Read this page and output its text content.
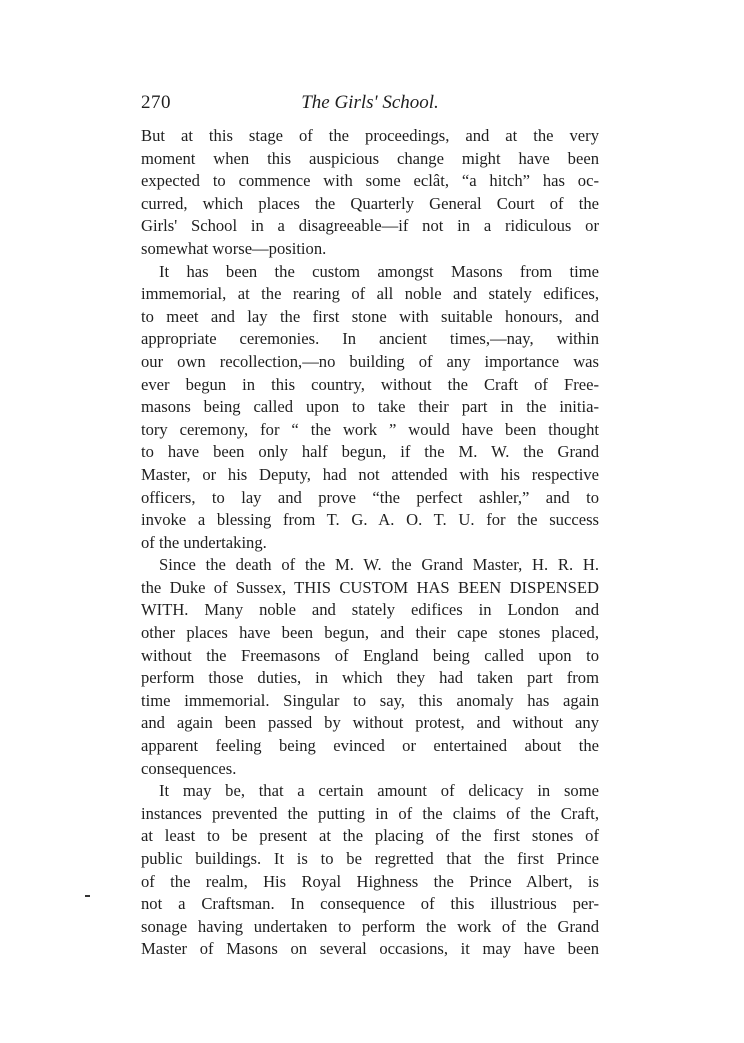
270	The Girls' School.
But at this stage of the proceedings, and at the very
moment when this auspicious change might have been
expected to commence with some eclât, “a hitch” has oc-
curred, which places the Quarterly General Court of the
Girls' School in a disagreeable—if not in a ridiculous or
somewhat worse—position.
It has been the custom amongst Masons from time
immemorial, at the rearing of all noble and stately edifices,
to meet and lay the first stone with suitable honours, and
appropriate ceremonies. In ancient times,—nay, within
our own recollection,—no building of any importance was
ever begun in this country, without the Craft of Free-
masons being called upon to take their part in the initia-
tory ceremony, for “ the work ” would have been thought
to have been only half begun, if the M. W. the Grand
Master, or his Deputy, had not attended with his respective
officers, to lay and prove “the perfect ashler,” and to
invoke a blessing from T. G. A. O. T. U. for the success
of the undertaking.
Since the death of the M. W. the Grand Master, H. R. H.
the Duke of Sussex, THIS CUSTOM HAS BEEN DISPENSED
WITH. Many noble and stately edifices in London and
other places have been begun, and their cape stones placed,
without the Freemasons of England being called upon to
perform those duties, in which they had taken part from
time immemorial. Singular to say, this anomaly has again
and again been passed by without protest, and without any
apparent feeling being evinced or entertained about the
consequences.
It may be, that a certain amount of delicacy in some
instances prevented the putting in of the claims of the Craft,
at least to be present at the placing of the first stones of
public buildings. It is to be regretted that the first Prince
of the realm, His Royal Highness the Prince Albert, is
not a Craftsman. In consequence of this illustrious per-
sonage having undertaken to perform the work of the Grand
Master of Masons on several occasions, it may have been
